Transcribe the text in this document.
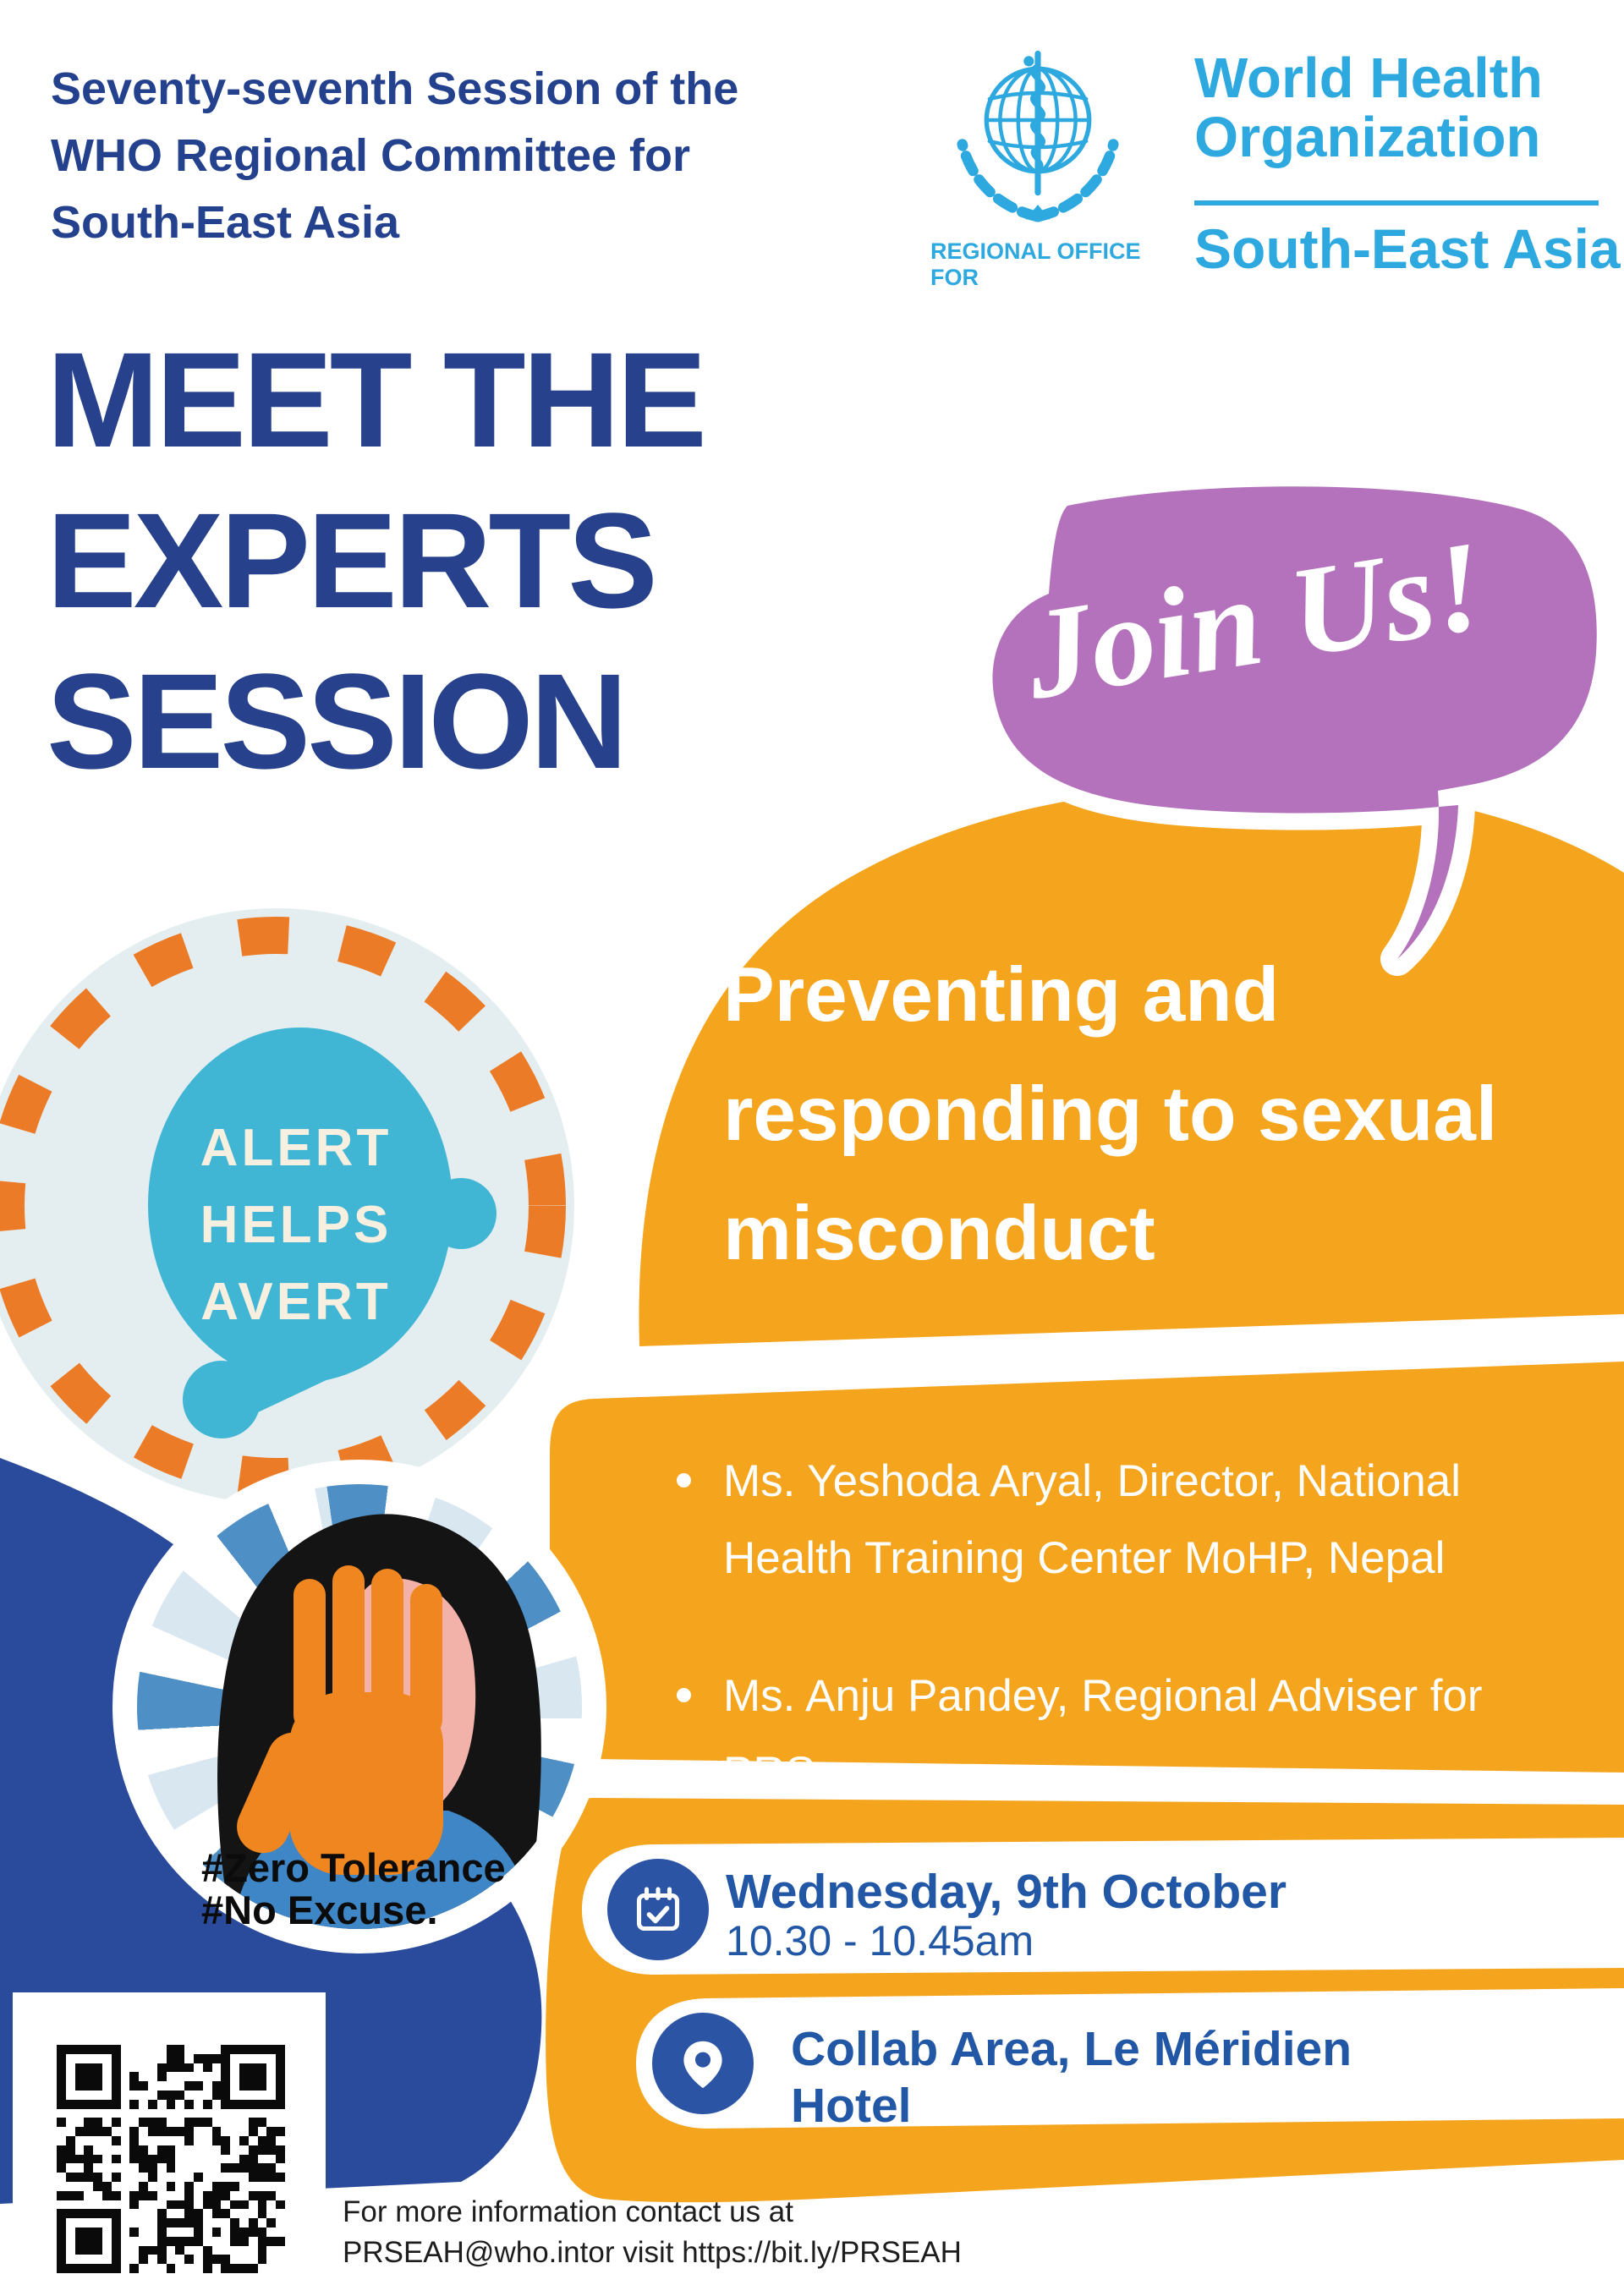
Seventy-seventh Session of the
WHO Regional Committee for
South-East Asia
MEET THE
EXPERTS
SESSION
World Health
Organization
REGIONAL OFFICE FOR	South-East Asia
Join Us!
Preventing and
responding to sexual
misconduct
Ms. Yeshoda Aryal, Director, National
Health Training Center MoHP, Nepal
Ms. Anju Pandey, Regional Adviser for PRS
ALERT
HELPS
AVERT
#Zero Tolerance
#No Excuse.	Wednesday, 9th October
10.30 - 10.45am
Collab Area, Le Méridien
Hotel
For more information contact us at
PRSEAH@who.intor visit https://bit.ly/PRSEAH
